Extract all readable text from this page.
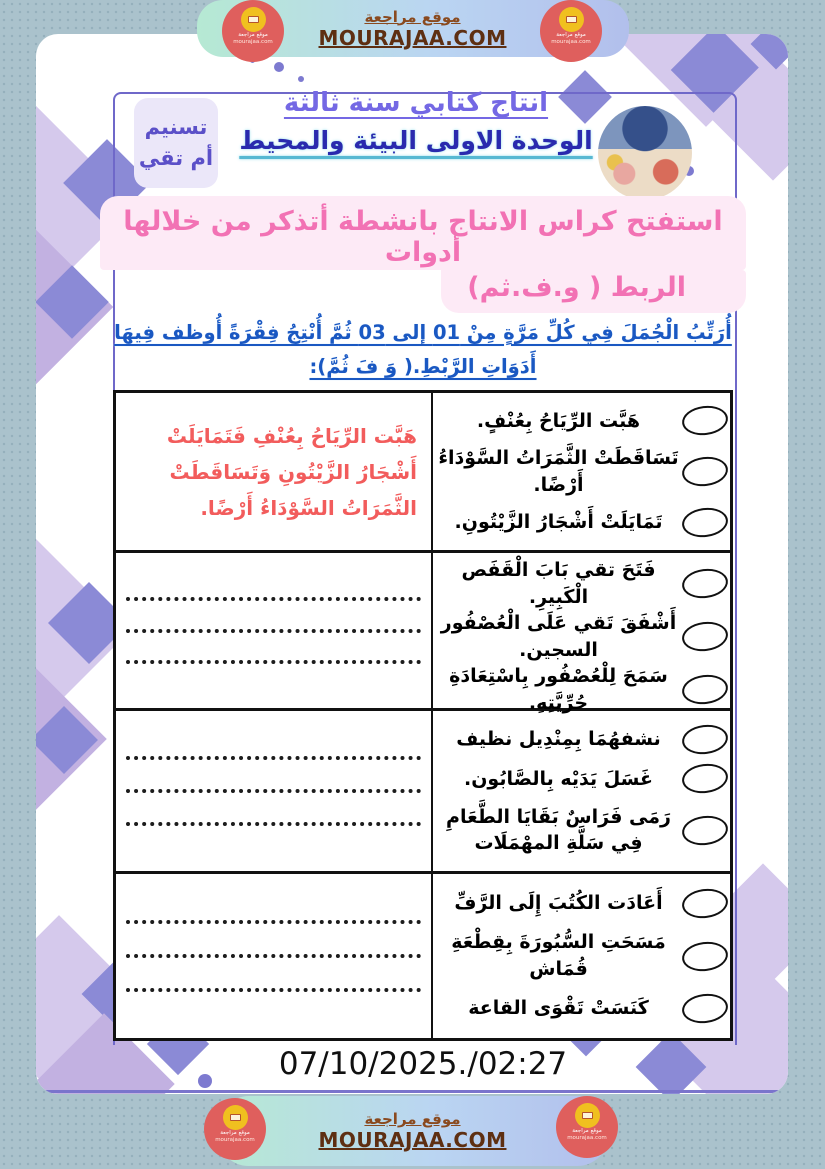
تسنيم
أم تقي
انتاج كتابي سنة ثالثة
الوحدة الاولى البيئة والمحيط
استفتح كراس الانتاج بانشطة أتذكر من خلالها أدوات
الربط ( و.ف.ثم)
أُرَتِّبُ الْجُمَلَ فِي كُلِّ مَرَّةٍ مِنْ 01 إلى 03 ثُمَّ أُنْتِجُ فِقْرَةً أُوظف فِيهَا أَدَوَاتِ الرَّبْطِ.( وَ فَ ثُمَّ):
هَبَّت الرِّيَاحُ بِعُنْفٍ.
تَسَاقَطَتْ الثَّمَرَاتُ السَّوْدَاءُ أَرْضًا.
تَمَايَلَتْ أَشْجَارُ الزَّيْتُونِ.
هَبَّت الرِّيَاحُ بِعُنْفِ فَتَمَايَلَتْ أَشْجَارُ الزَّيْتُونِ وَتَسَاقَطَتْ الثَّمَرَاتُ السَّوْدَاءُ أَرْضًا.
فَتَحَ تقي بَابَ الْقَفَص الْكَبِيرِ.
أَشْفَقَ تَقي عَلَى الْعُصْفُور السجين.
سَمَحَ لِلْعُصْفُور بِاسْتِعَادَةِ حُرِّيَّتِهِ.
نشفهُمَا بِمِنْدِيل نظيف
غَسَلَ يَدَيْه بِالصَّابُون.
رَمَى فَرَاسٌ بَقَايَا الطَّعَامِ فِي سَلَّةِ المهْمَلَات
أَعَادَت الكُتُبَ إِلَى الرَّفِّ
مَسَحَتِ السُّبُورَةَ بِقِطْعَةِ قُمَاش
كَنَسَتْ تَقْوَى القاعة
07/10/2025./02:27
موقع مراجعة
MOURAJAA.COM
موقع مراجعة
mourajaa.com
موقع مراجعة
mourajaa.com
موقع مراجعة
MOURAJAA.COM
موقع مراجعة
mourajaa.com
موقع مراجعة
mourajaa.com
